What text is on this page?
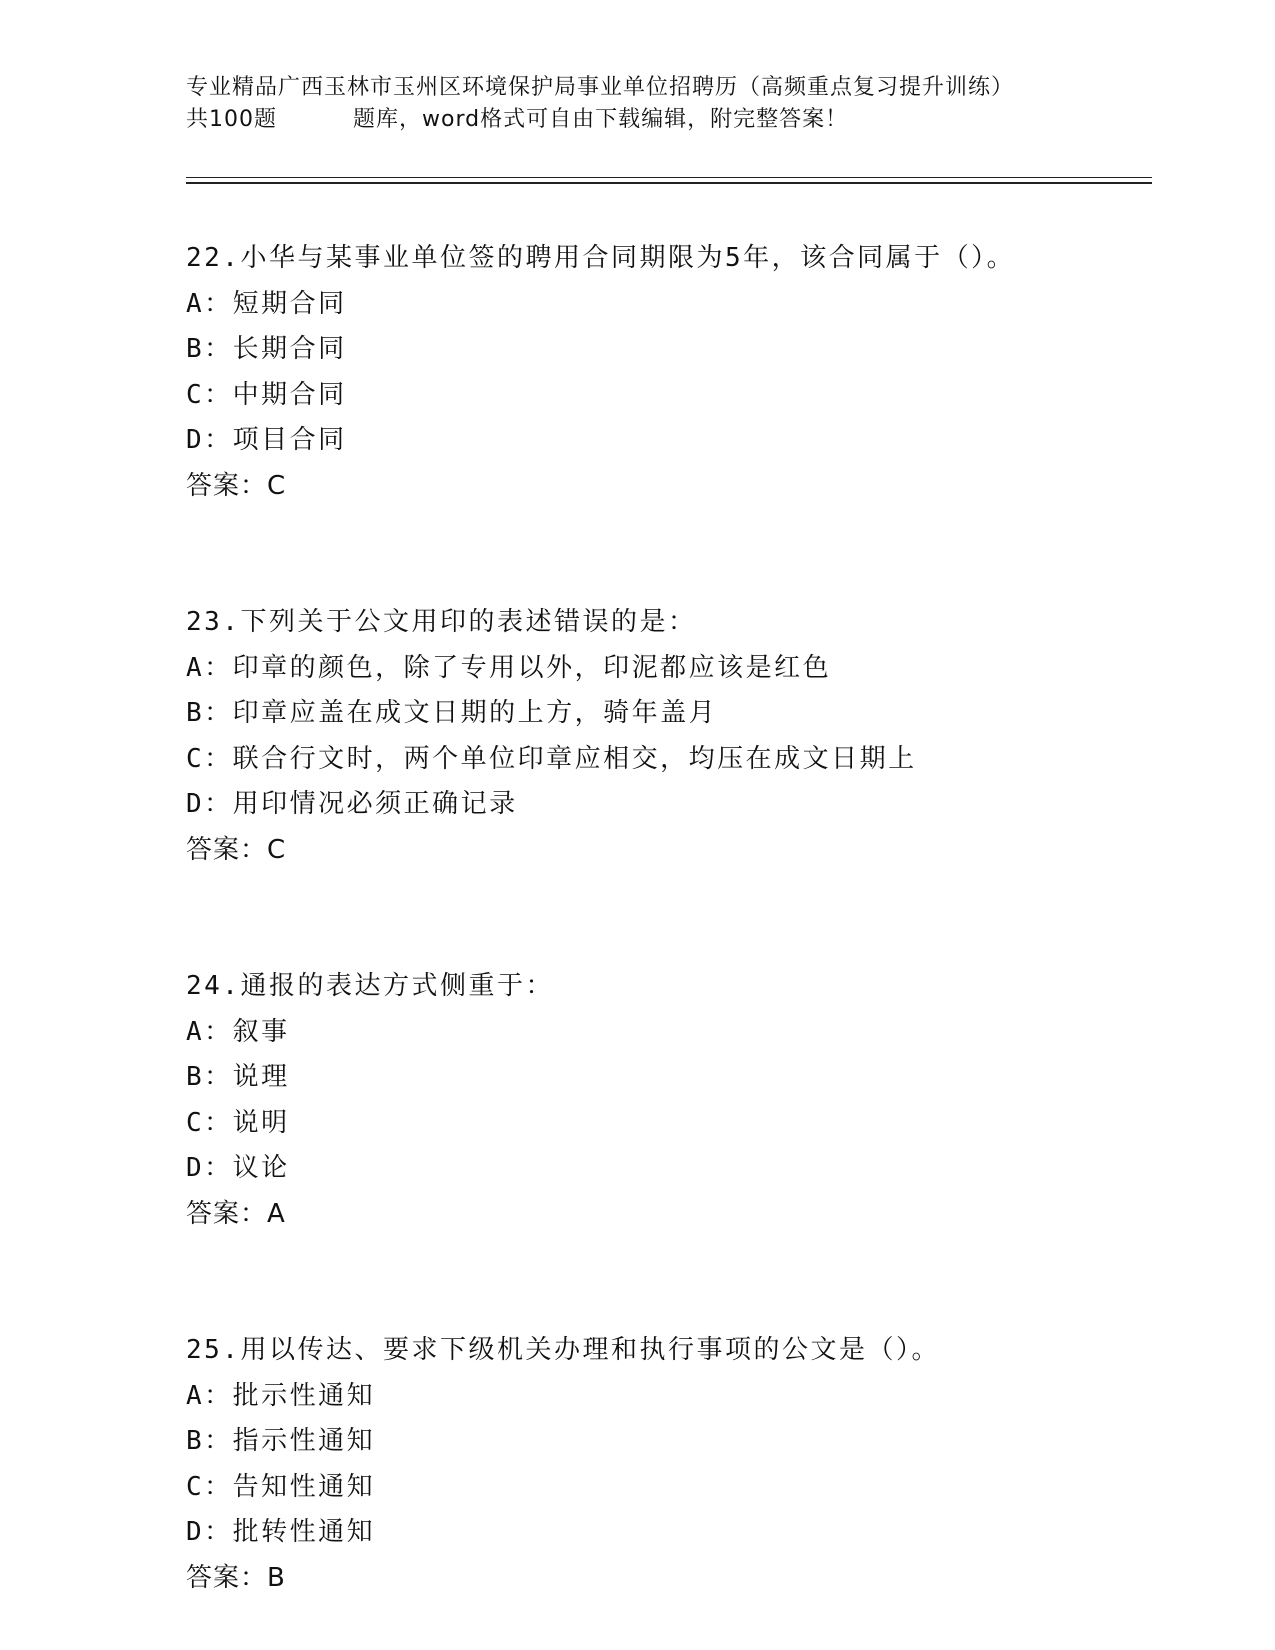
专业精品广西玉林市玉州区环境保护局事业单位招聘历（高频重点复习提升训练）
共100题	题库，word格式可自由下载编辑，附完整答案！
22.小华与某事业单位签的聘用合同期限为5年，该合同属于（）。
A：短期合同
B：长期合同
C：中期合同
D：项目合同
答案：C
23.下列关于公文用印的表述错误的是：
A：印章的颜色，除了专用以外，印泥都应该是红色
B：印章应盖在成文日期的上方，骑年盖月
C：联合行文时，两个单位印章应相交，均压在成文日期上
D：用印情况必须正确记录
答案：C
24.通报的表达方式侧重于：
A：叙事
B：说理
C：说明
D：议论
答案：A
25.用以传达、要求下级机关办理和执行事项的公文是（）。
A：批示性通知
B：指示性通知
C：告知性通知
D：批转性通知
答案：B
